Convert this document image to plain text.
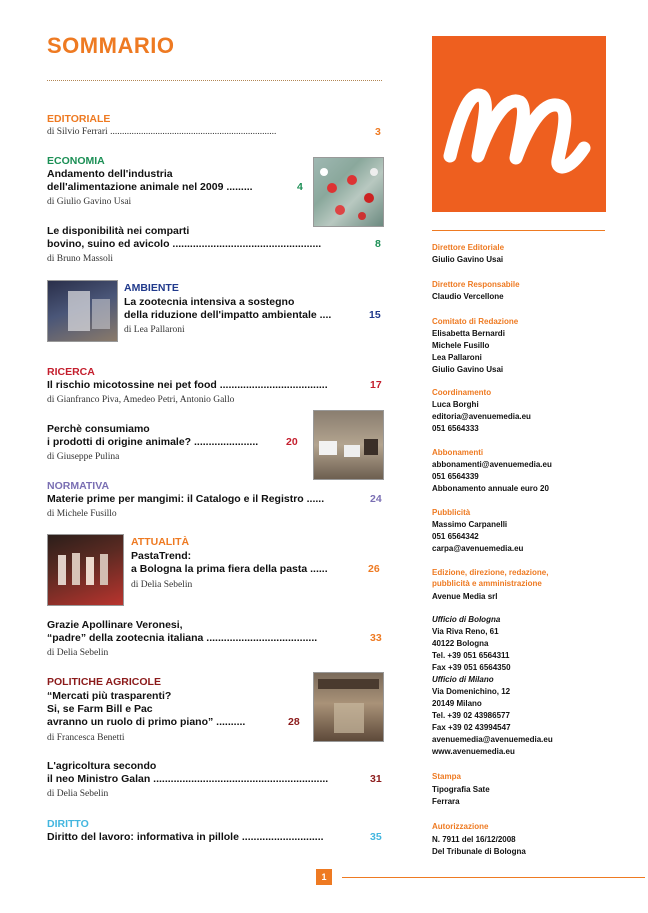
SOMMARIO
EDITORIALE
di Silvio Ferrari ......................................................................	3
ECONOMIA
Andamento dell'industria
dell'alimentazione animale nel 2009 .........	4
di Giulio Gavino Usai
Le disponibilità nei comparti
bovino, suino ed avicolo ...................................................	8
di Bruno Massoli
AMBIENTE
La zootecnia intensiva a sostegno
della riduzione dell'impatto ambientale ....	15
di Lea Pallaroni
RICERCA
Il rischio micotossine nei pet food .....................................	17
di Gianfranco Piva, Amedeo Petri, Antonio Gallo
Perchè consumiamo
i prodotti di origine animale? ......................	20
di Giuseppe Pulina
NORMATIVA
Materie prime per mangimi: il Catalogo e il Registro ......	24
di Michele Fusillo
ATTUALITÀ
PastaTrend:
a Bologna la prima fiera della pasta ......	26
di Delia Sebelin
Grazie Apollinare Veronesi,
“padre” della zootecnia italiana ......................................	33
di Delia Sebelin
POLITICHE AGRICOLE
“Mercati più trasparenti?
Si, se Farm Bill e Pac
avranno un ruolo di primo piano” ..........	28
di Francesca Benetti
L'agricoltura secondo
il neo Ministro Galan ............................................................	31
di Delia Sebelin
DIRITTO
Diritto del lavoro: informativa in pillole ............................	35
Direttore Editoriale
Giulio Gavino Usai
Direttore Responsabile
Claudio Vercellone
Comitato di Redazione
Elisabetta Bernardi
Michele Fusillo
Lea Pallaroni
Giulio Gavino Usai
Coordinamento
Luca Borghi
editoria@avenuemedia.eu
051 6564333
Abbonamenti
abbonamenti@avenuemedia.eu
051 6564339
Abbonamento annuale euro 20
Pubblicità
Massimo Carpanelli
051 6564342
carpa@avenuemedia.eu
Edizione, direzione, redazione,
pubblicità e amministrazione
Avenue Media srl
Ufficio di Bologna
Via Riva Reno, 61
40122 Bologna
Tel. +39 051 6564311
Fax +39 051 6564350
Ufficio di Milano
Via Domenichino, 12
20149 Milano
Tel. +39 02 43986577
Fax +39 02 43994547
avenuemedia@avenuemedia.eu
www.avenuemedia.eu
Stampa
Tipografia Sate
Ferrara
Autorizzazione
N. 7911 del 16/12/2008
Del Tribunale di Bologna
1
